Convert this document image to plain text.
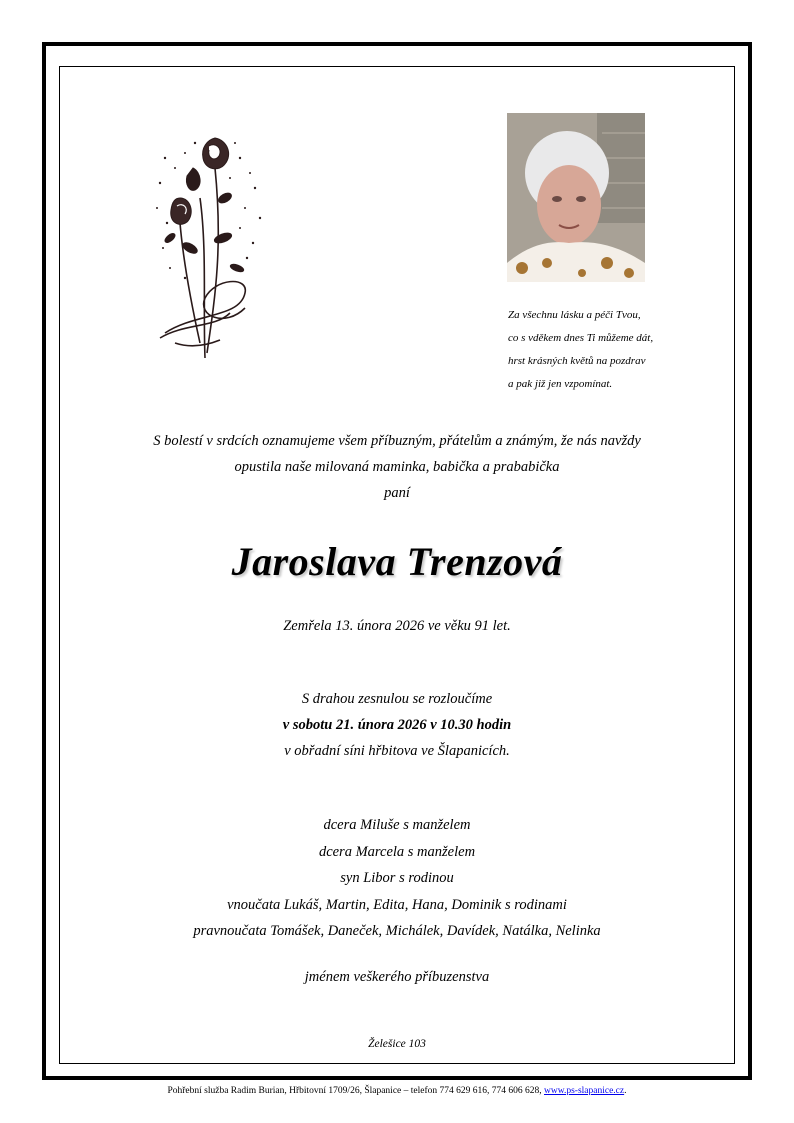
Za všechnu lásku a péči Tvou,
co s vděkem dnes Ti můžeme dát,
hrst krásných květů na pozdrav
a pak již jen vzpomínat.
S bolestí v srdcích oznamujeme všem příbuzným, přátelům a známým, že nás navždy
opustila naše milovaná maminka, babička a prababička
paní
Jaroslava Trenzová
Zemřela 13. února 2026 ve věku 91 let.
S drahou zesnulou se rozloučíme
v sobotu 21. února 2026 v 10.30 hodin
v obřadní síni hřbitova ve Šlapanicích.
dcera Miluše s manželem
dcera Marcela s manželem
syn Libor s rodinou
vnoučata Lukáš, Martin, Edita, Hana, Dominik s rodinami
pravnoučata Tomášek, Daneček, Michálek, Davídek, Natálka, Nelinka
jménem veškerého příbuzenstva
Želešice 103
Pohřební služba Radim Burian, Hřbitovní 1709/26, Šlapanice – telefon 774 629 616, 774 606 628, www.ps-slapanice.cz.
